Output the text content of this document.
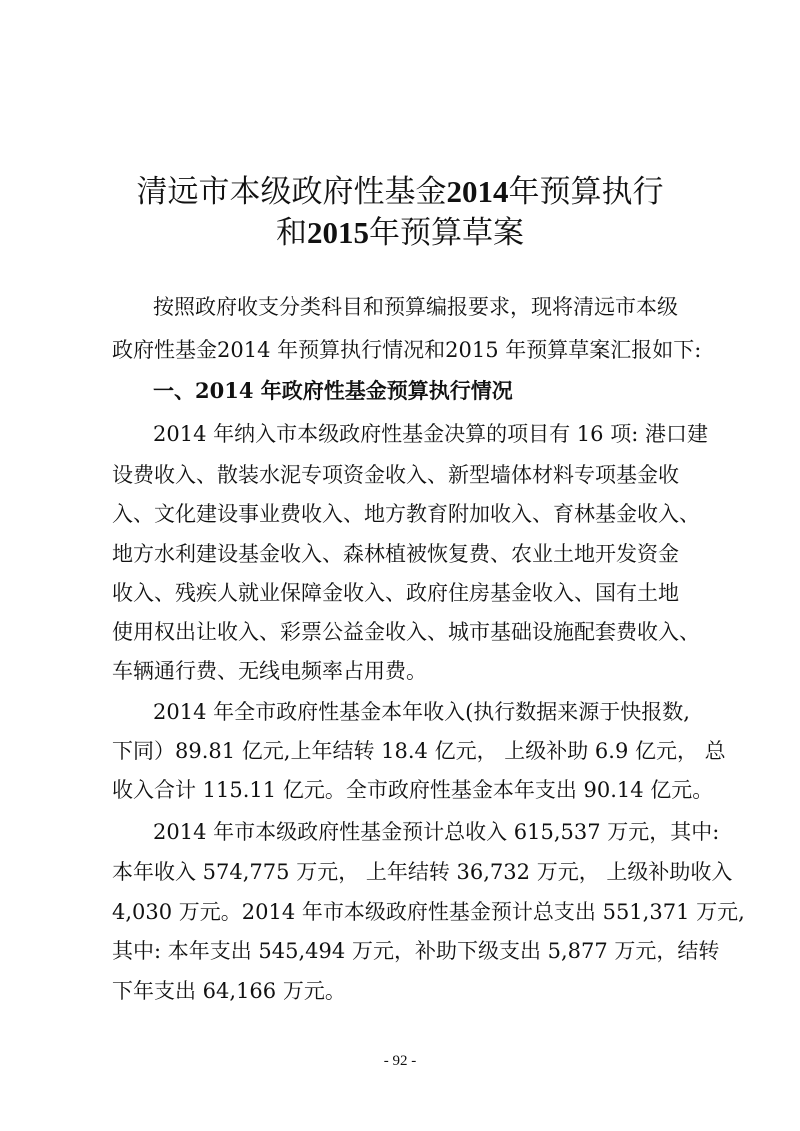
清远市本级政府性基金2014年预算执行
和2015年预算草案
按照政府收支分类科目和预算编报要求，现将清远市本级
政府性基金2014 年预算执行情况和2015 年预算草案汇报如下:
一、2014 年政府性基金预算执行情况
2014 年纳入市本级政府性基金决算的项目有 16 项: 港口建
设费收入、散装水泥专项资金收入、新型墙体材料专项基金收
入、文化建设事业费收入、地方教育附加收入、育林基金收入、
地方水利建设基金收入、森林植被恢复费、农业土地开发资金
收入、残疾人就业保障金收入、政府住房基金收入、国有土地
使用权出让收入、彩票公益金收入、城市基础设施配套费收入、
车辆通行费、无线电频率占用费。
2014 年全市政府性基金本年收入(执行数据来源于快报数,
下同）89.81 亿元,上年结转 18.4 亿元， 上级补助 6.9 亿元， 总
收入合计 115.11 亿元。全市政府性基金本年支出 90.14 亿元。
2014 年市本级政府性基金预计总收入 615,537 万元，其中:
本年收入 574,775 万元， 上年结转 36,732 万元， 上级补助收入
4,030 万元。2014 年市本级政府性基金预计总支出 551,371 万元,
其中: 本年支出 545,494 万元，补助下级支出 5,877 万元，结转
下年支出 64,166 万元。
- 92 -
